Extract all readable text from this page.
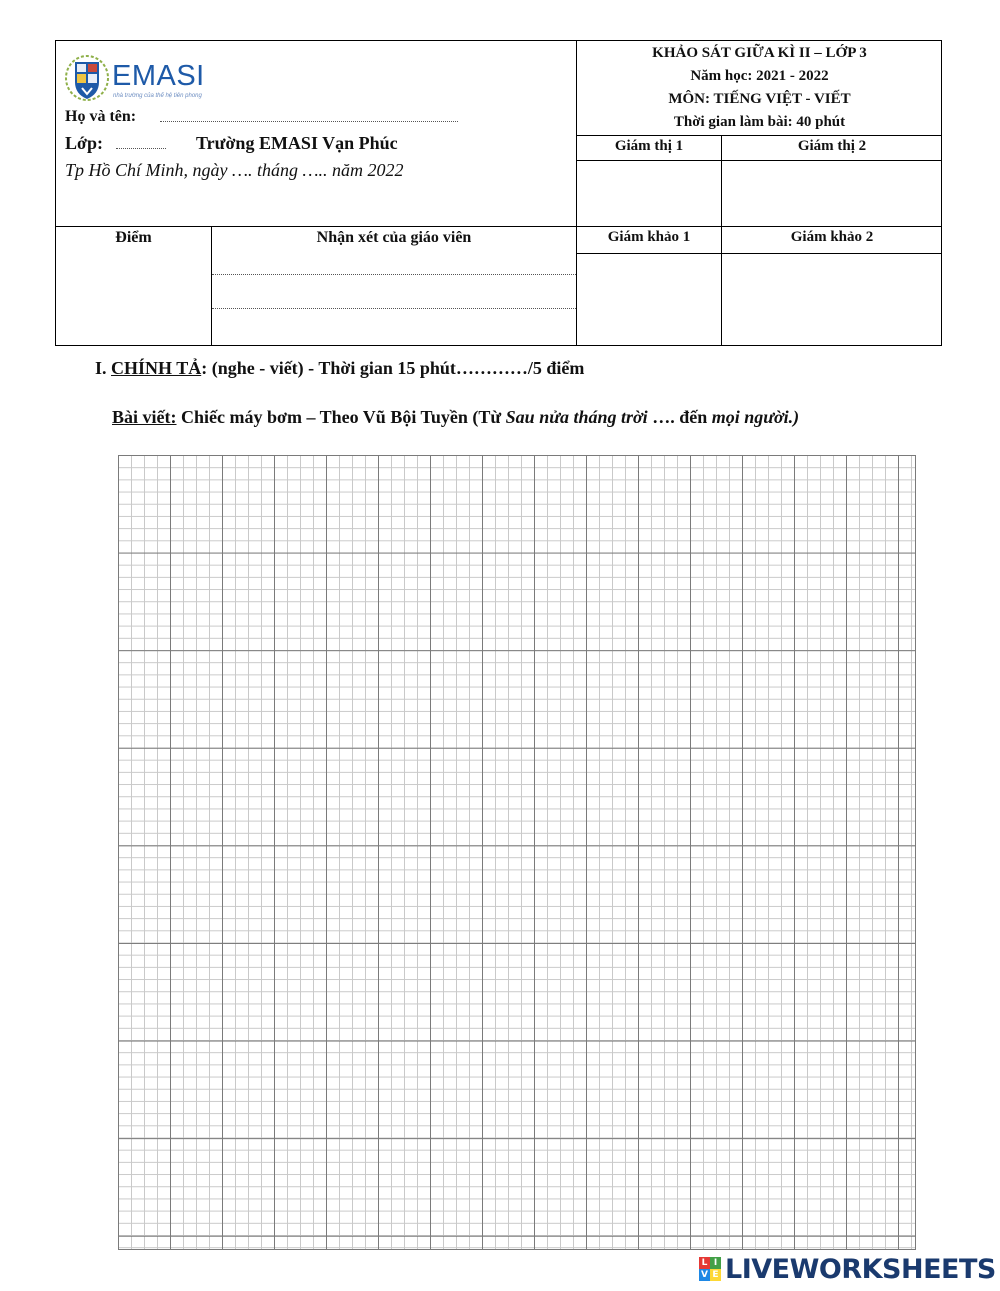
EMASI
nhà trường của thế hệ tiên phong
Họ và tên:
Lớp:	Trường EMASI Vạn Phúc
Tp Hồ Chí Minh, ngày …. tháng ….. năm 2022
KHẢO SÁT GIỮA KÌ II – LỚP 3
Năm học: 2021 - 2022
MÔN: TIẾNG VIỆT - VIẾT
Thời gian làm bài: 40 phút
Giám thị 1	Giám thị 2
Điểm	Nhận xét của giáo viên	Giám khảo 1	Giám khảo 2
I. CHÍNH TẢ: (nghe - viết) - Thời gian 15 phút…………/5 điểm
Bài viết: Chiếc máy bơm – Theo Vũ Bội Tuyền (Từ Sau nửa tháng trời …. đến mọi người.)
L I
V E LIVEWORKSHEETS
